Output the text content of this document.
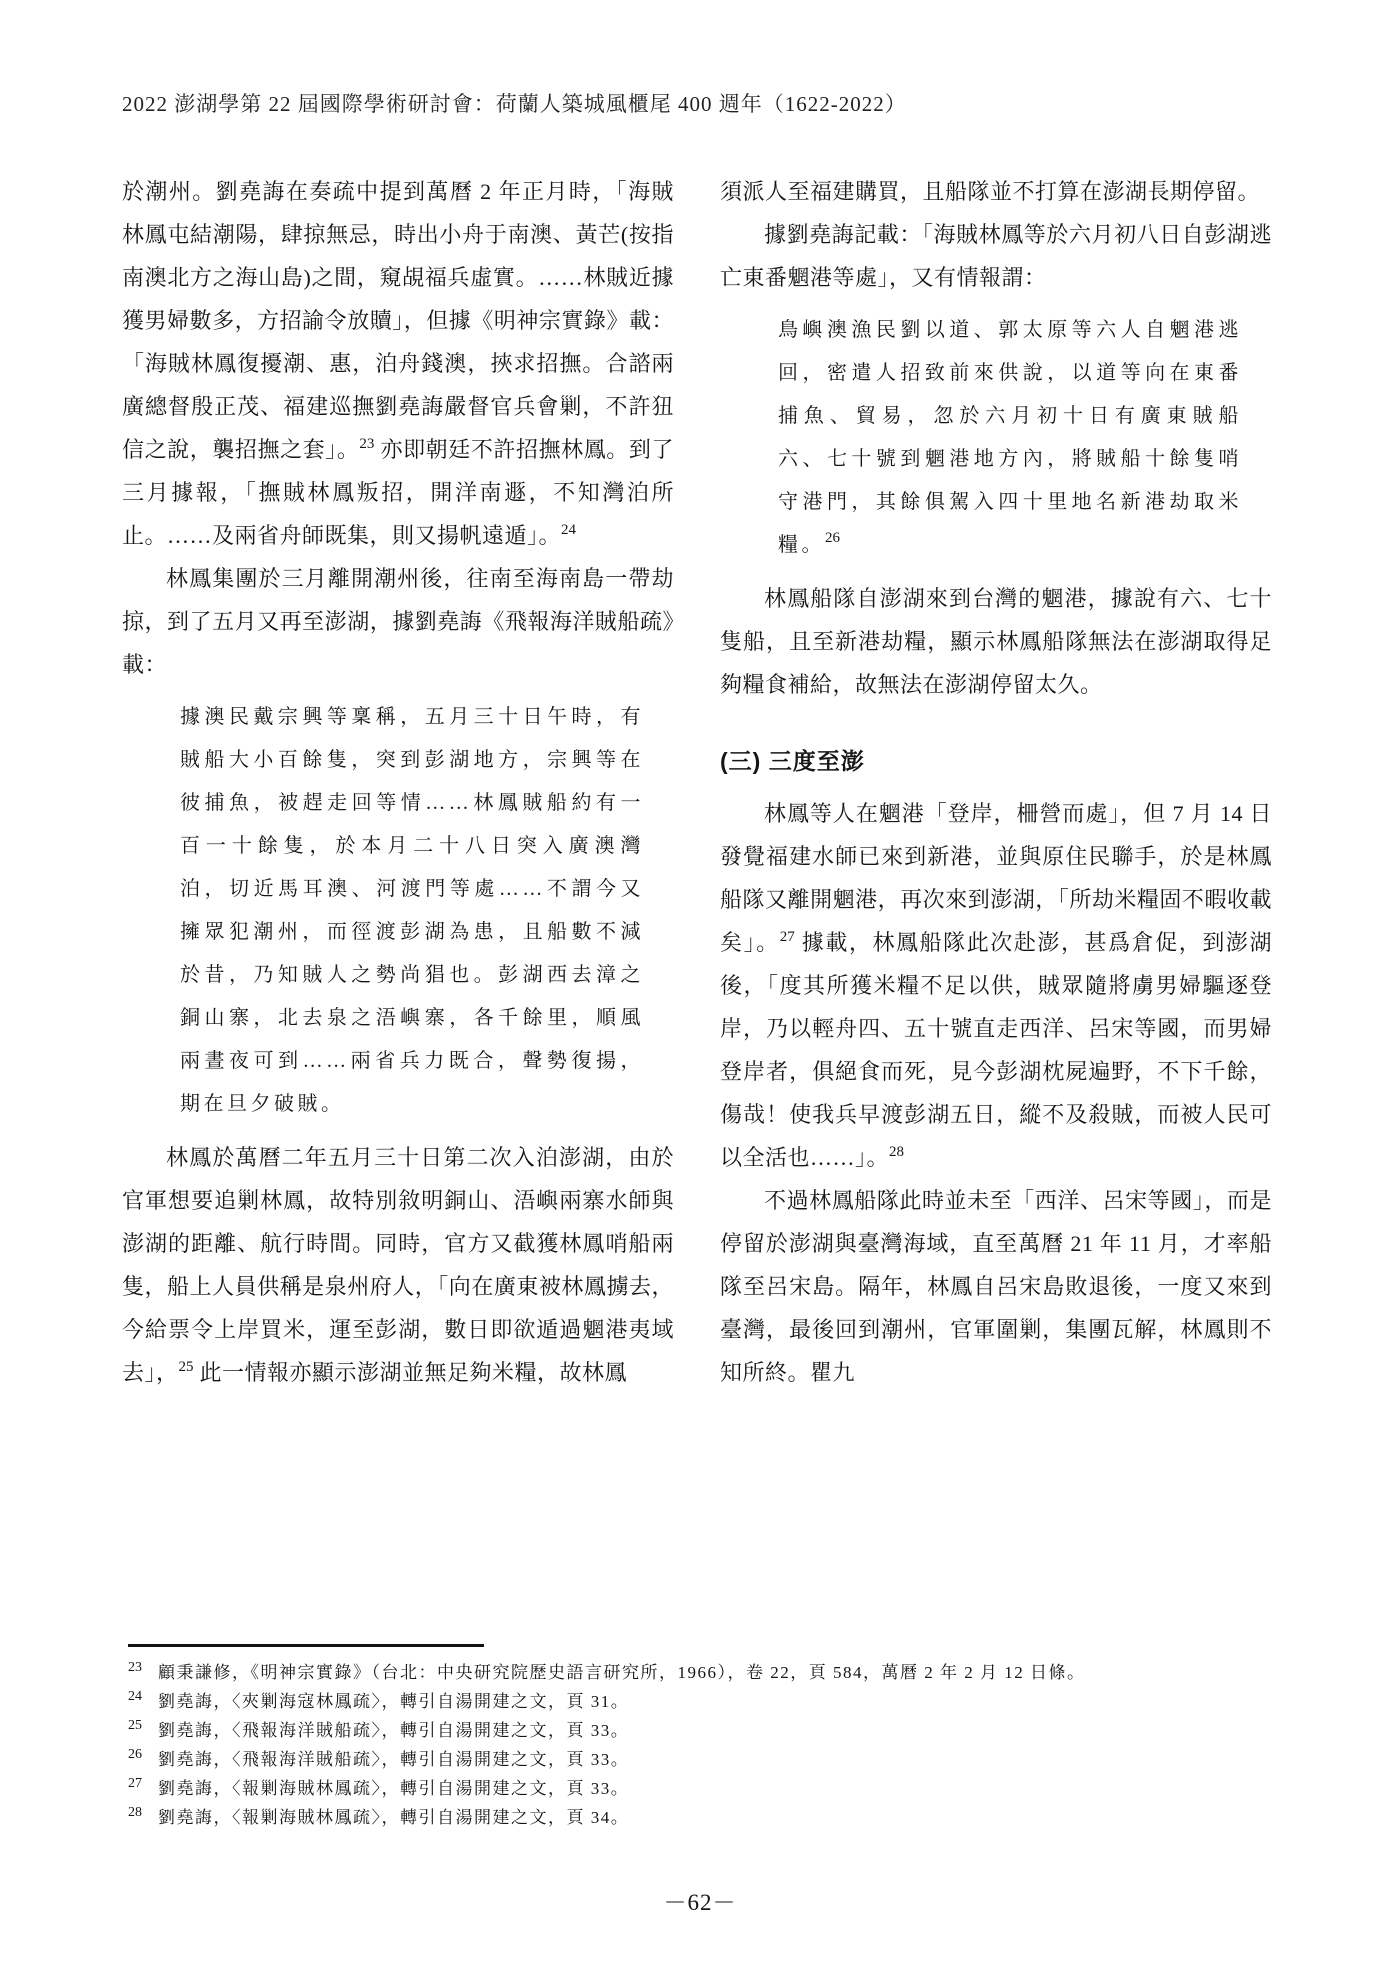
2022 澎湖學第 22 屆國際學術研討會：荷蘭人築城風櫃尾 400 週年（1622-2022）
於潮州。劉堯誨在奏疏中提到萬曆 2 年正月時，「海賊林鳳屯結潮陽，肆掠無忌，時出小舟于南澳、黃芒(按指南澳北方之海山島)之間，窺覘福兵虛實。……林賊近據獲男婦數多，方招諭令放贖」，但據《明神宗實錄》載：「海賊林鳳復擾潮、惠，泊舟錢澳，挾求招撫。合諮兩廣總督殷正茂、福建巡撫劉堯誨嚴督官兵會剿，不許狃信之說，襲招撫之套」。$^{23}$ 亦即朝廷不許招撫林鳳。到了三月據報，「撫賊林鳳叛招，開洋南遯，不知灣泊所止。……及兩省舟師既集，則又揚帆遠遁」。$^{24}$
林鳳集團於三月離開潮州後，往南至海南島一帶劫掠，到了五月又再至澎湖，據劉堯誨《飛報海洋賊船疏》載：
據澳民戴宗興等稟稱，五月三十日午時，有賊船大小百餘隻，突到彭湖地方，宗興等在彼捕魚，被趕走回等情……林鳳賊船約有一百一十餘隻，於本月二十八日突入廣澳灣泊，切近馬耳澳、河渡門等處……不謂今又擁眾犯潮州，而徑渡彭湖為患，且船數不減於昔，乃知賊人之勢尚猖也。彭湖西去漳之銅山寨，北去泉之浯嶼寨，各千餘里，順風兩晝夜可到……兩省兵力既合，聲勢復揚，期在旦夕破賊。
林鳳於萬曆二年五月三十日第二次入泊澎湖，由於官軍想要追剿林鳳，故特別敘明銅山、浯嶼兩寨水師與澎湖的距離、航行時間。同時，官方又截獲林鳳哨船兩隻，船上人員供稱是泉州府人，「向在廣東被林鳳擄去，今給票令上岸買米，運至彭湖，數日即欲遁過魍港夷域去」，$^{25}$ 此一情報亦顯示澎湖並無足夠米糧，故林鳳
須派人至福建購買，且船隊並不打算在澎湖長期停留。
據劉堯誨記載：「海賊林鳳等於六月初八日自彭湖逃亡東番魍港等處」，又有情報謂：
鳥嶼澳漁民劉以道、郭太原等六人自魍港逃回，密遣人招致前來供說，以道等向在東番捕魚、貿易，忽於六月初十日有廣東賊船六、七十號到魍港地方內，將賊船十餘隻哨守港門，其餘俱駕入四十里地名新港劫取米糧。$^{26}$
林鳳船隊自澎湖來到台灣的魍港，據說有六、七十隻船，且至新港劫糧，顯示林鳳船隊無法在澎湖取得足夠糧食補給，故無法在澎湖停留太久。
(三) 三度至澎
林鳳等人在魍港「登岸，柵營而處」，但 7 月 14 日發覺福建水師已來到新港，並與原住民聯手，於是林鳳船隊又離開魍港，再次來到澎湖，「所劫米糧固不暇收載矣」。$^{27}$ 據載，林鳳船隊此次赴澎，甚爲倉促，到澎湖後，「度其所獲米糧不足以供，賊眾隨將虜男婦驅逐登岸，乃以輕舟四、五十號直走西洋、呂宋等國，而男婦登岸者，俱絕食而死，見今彭湖枕屍遍野，不下千餘，傷哉！使我兵早渡彭湖五日，縱不及殺賊，而被人民可以全活也……」。$^{28}$
不過林鳳船隊此時並未至「西洋、呂宋等國」，而是停留於澎湖與臺灣海域，直至萬曆 21 年 11 月，才率船隊至呂宋島。隔年，林鳳自呂宋島敗退後，一度又來到臺灣，最後回到潮州，官軍圍剿，集團瓦解，林鳳則不知所終。瞿九

$^{23}$ 顧秉謙修，《明神宗實錄》（台北：中央研究院歷史語言研究所，1966），卷 22，頁 584，萬曆 2 年 2 月 12 日條。

$^{24}$ 劉堯誨，〈夾剿海寇林鳳疏〉，轉引自湯開建之文，頁 31。

$^{25}$ 劉堯誨，〈飛報海洋賊船疏〉，轉引自湯開建之文，頁 33。

$^{26}$ 劉堯誨，〈飛報海洋賊船疏〉，轉引自湯開建之文，頁 33。

$^{27}$ 劉堯誨，〈報剿海賊林鳳疏〉，轉引自湯開建之文，頁 33。

$^{28}$ 劉堯誨，〈報剿海賊林鳳疏〉，轉引自湯開建之文，頁 34。

－62－
